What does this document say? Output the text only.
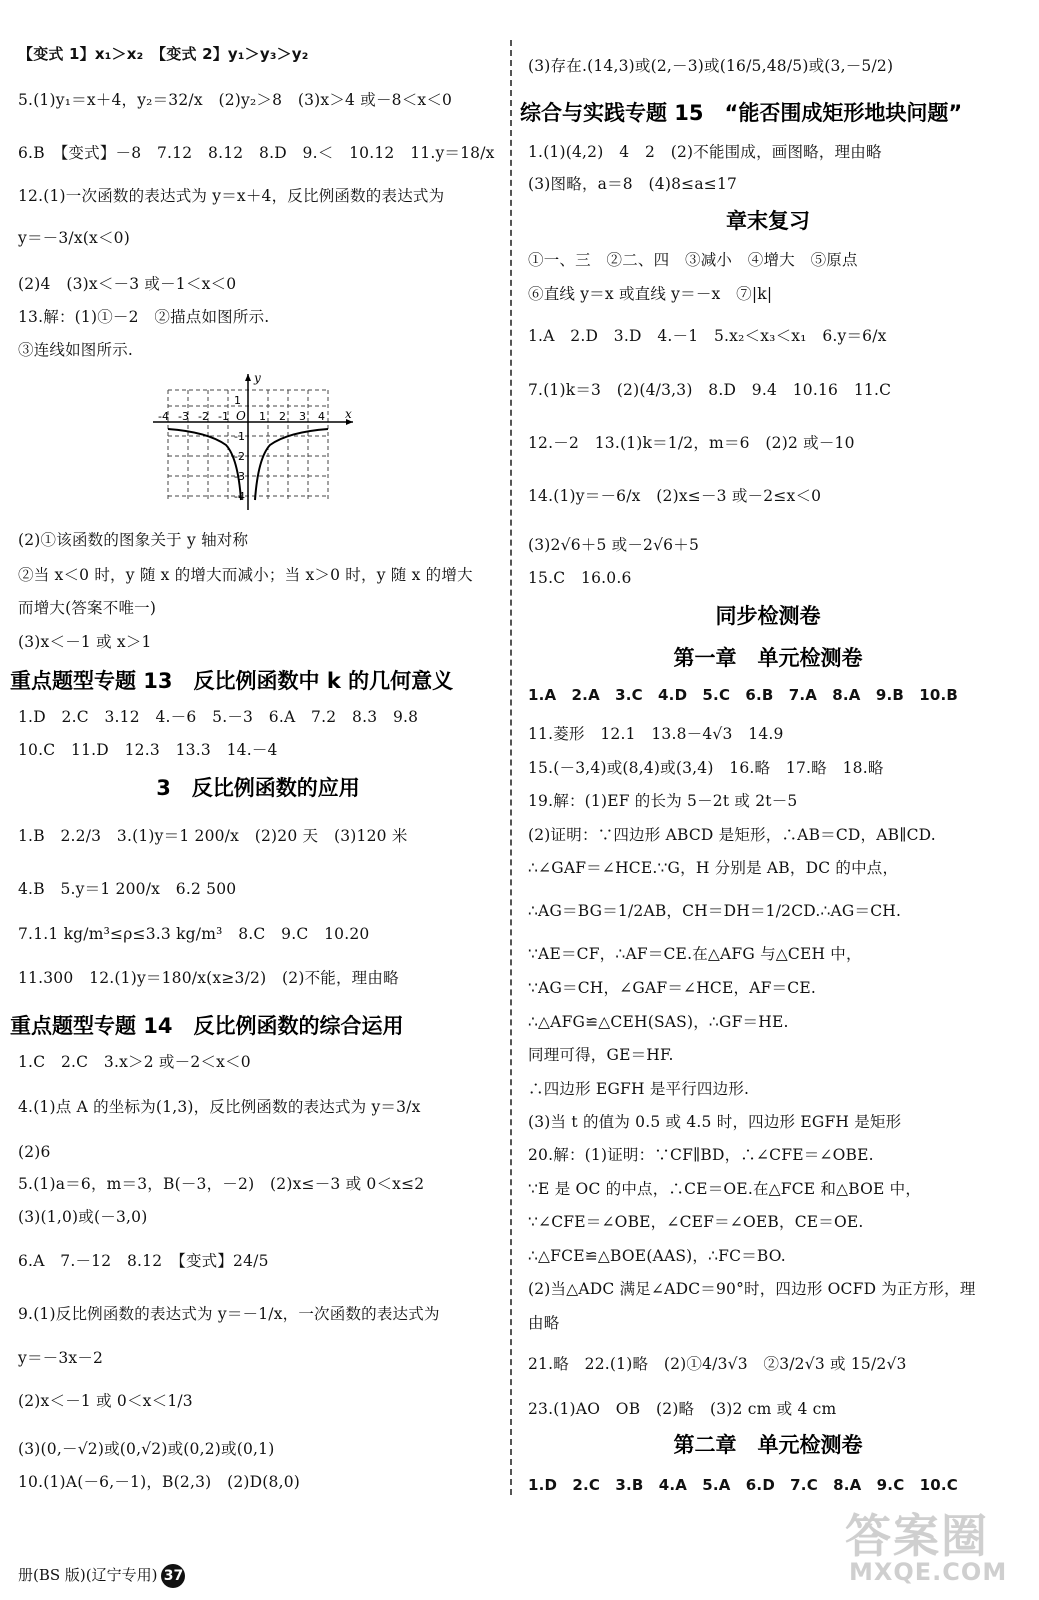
【变式 1】x₁＞x₂　【变式 2】y₁＞y₃＞y₂
5.(1)y₁＝x＋4，y₂＝32/x　(2)y₂＞8　(3)x＞4 或－8＜x＜0
6.B　【变式】－8　7.12　8.12　8.D　9.＜　10.12　11.y＝18/x
12.(1)一次函数的表达式为 y＝x＋4，反比例函数的表达式为
y＝－3/x(x＜0)
(2)4　(3)x＜－3 或－1＜x＜0
13.解：(1)①－2　②描点如图所示.
③连线如图所示.
(2)①该函数的图象关于 y 轴对称
②当 x＜0 时，y 随 x 的增大而减小；当 x＞0 时，y 随 x 的增大
而增大(答案不唯一)
(3)x＜－1 或 x＞1
1.D　2.C　3.12　4.－6　5.－3　6.A　7.2　8.3　9.8
10.C　11.D　12.3　13.3　14.－4
1.B　2.2/3　3.(1)y＝1 200/x　(2)20 天　(3)120 米
4.B　5.y＝1 200/x　6.2 500
7.1.1 kg/m³≤ρ≤3.3 kg/m³　8.C　9.C　10.20
11.300　12.(1)y＝180/x(x≥3/2)　(2)不能，理由略
1.C　2.C　3.x＞2 或－2＜x＜0
4.(1)点 A 的坐标为(1,3)，反比例函数的表达式为 y＝3/x
(2)6
5.(1)a＝6，m＝3，B(－3，－2)　(2)x≤－3 或 0＜x≤2
(3)(1,0)或(－3,0)
6.A　7.－12　8.12　【变式】24/5
9.(1)反比例函数的表达式为 y＝－1/x，一次函数的表达式为
y＝－3x－2
(2)x＜－1 或 0＜x＜1/3
(3)(0,－√2)或(0,√2)或(0,2)或(0,1)
10.(1)A(－6,－1)，B(2,3)　(2)D(8,0)
重点题型专题 13　反比例函数中 k 的几何意义
3　反比例函数的应用
重点题型专题 14　反比例函数的综合运用
册(BS 版)(辽宁专用) 37
(3)存在.(14,3)或(2,－3)或(16/5,48/5)或(3,－5/2)
1.(1)(4,2)　4　2　(2)不能围成，画图略，理由略
(3)图略，a＝8　(4)8≤a≤17
①一、三　②二、四　③减小　④增大　⑤原点
⑥直线 y＝x 或直线 y＝－x　⑦|k|
1.A　2.D　3.D　4.－1　5.x₂＜x₃＜x₁　6.y＝6/x
7.(1)k＝3　(2)(4/3,3)　8.D　9.4　10.16　11.C
12.－2　13.(1)k＝1/2，m＝6　(2)2 或－10
14.(1)y＝－6/x　(2)x≤－3 或－2≤x＜0
(3)2√6＋5 或－2√6＋5
15.C　16.0.6
1.A　2.A　3.C　4.D　5.C　6.B　7.A　8.A　9.B　10.B
11.菱形　12.1　13.8－4√3　14.9
15.(－3,4)或(8,4)或(3,4)　16.略　17.略　18.略
19.解：(1)EF 的长为 5－2t 或 2t－5
(2)证明：∵四边形 ABCD 是矩形，∴AB＝CD，AB∥CD.
∴∠GAF＝∠HCE.∵G，H 分别是 AB，DC 的中点，
∴AG＝BG＝1/2AB，CH＝DH＝1/2CD.∴AG＝CH.
∵AE＝CF，∴AF＝CE.在△AFG 与△CEH 中，
∵AG＝CH，∠GAF＝∠HCE，AF＝CE.
∴△AFG≌△CEH(SAS)，∴GF＝HE.
同理可得，GE＝HF.
∴四边形 EGFH 是平行四边形.
(3)当 t 的值为 0.5 或 4.5 时，四边形 EGFH 是矩形
20.解：(1)证明：∵CF∥BD，∴∠CFE＝∠OBE.
∵E 是 OC 的中点，∴CE＝OE.在△FCE 和△BOE 中，
∵∠CFE＝∠OBE，∠CEF＝∠OEB，CE＝OE.
∴△FCE≌△BOE(AAS)，∴FC＝BO.
(2)当△ADC 满足∠ADC＝90°时，四边形 OCFD 为正方形，理
由略
21.略　22.(1)略　(2)①4/3√3　②3/2√3 或 15/2√3
23.(1)AO　OB　(2)略　(3)2 cm 或 4 cm
1.D　2.C　3.B　4.A　5.A　6.D　7.C　8.A　9.C　10.C
综合与实践专题 15　“能否围成矩形地块问题”
章末复习
同步检测卷
第一章　单元检测卷
第二章　单元检测卷
y
x
O
-4 -3 -2 -1	1 2 3 4
1
-1
-2
-3
-4
答案圈
MXQE.COM
